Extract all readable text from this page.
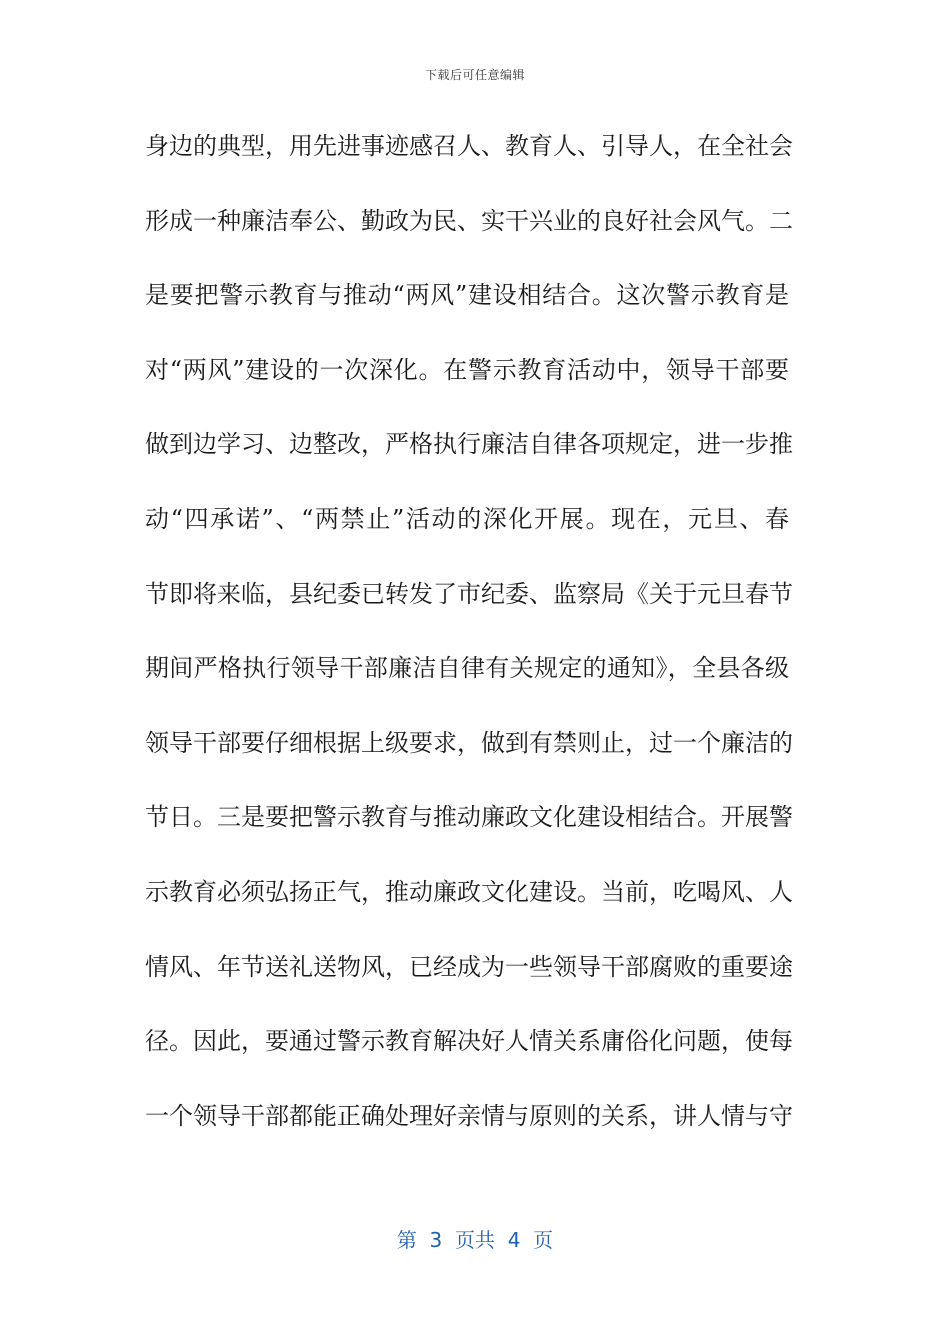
下载后可任意编辑
身边的典型，用先进事迹感召人、教育人、引导人，在全社会
形成一种廉洁奉公、勤政为民、实干兴业的良好社会风气。二
是要把警示教育与推动“两风”建设相结合。这次警示教育是
对“两风”建设的一次深化。在警示教育活动中，领导干部要
做到边学习、边整改，严格执行廉洁自律各项规定，进一步推
动“四承诺”、“两禁止”活动的深化开展。现在，元旦、春
节即将来临，县纪委已转发了市纪委、监察局《关于元旦春节
期间严格执行领导干部廉洁自律有关规定的通知》，全县各级
领导干部要仔细根据上级要求，做到有禁则止，过一个廉洁的
节日。三是要把警示教育与推动廉政文化建设相结合。开展警
示教育必须弘扬正气，推动廉政文化建设。当前，吃喝风、人
情风、年节送礼送物风，已经成为一些领导干部腐败的重要途
径。因此，要通过警示教育解决好人情关系庸俗化问题，使每
一个领导干部都能正确处理好亲情与原则的关系，讲人情与守
第  3  页共  4  页
